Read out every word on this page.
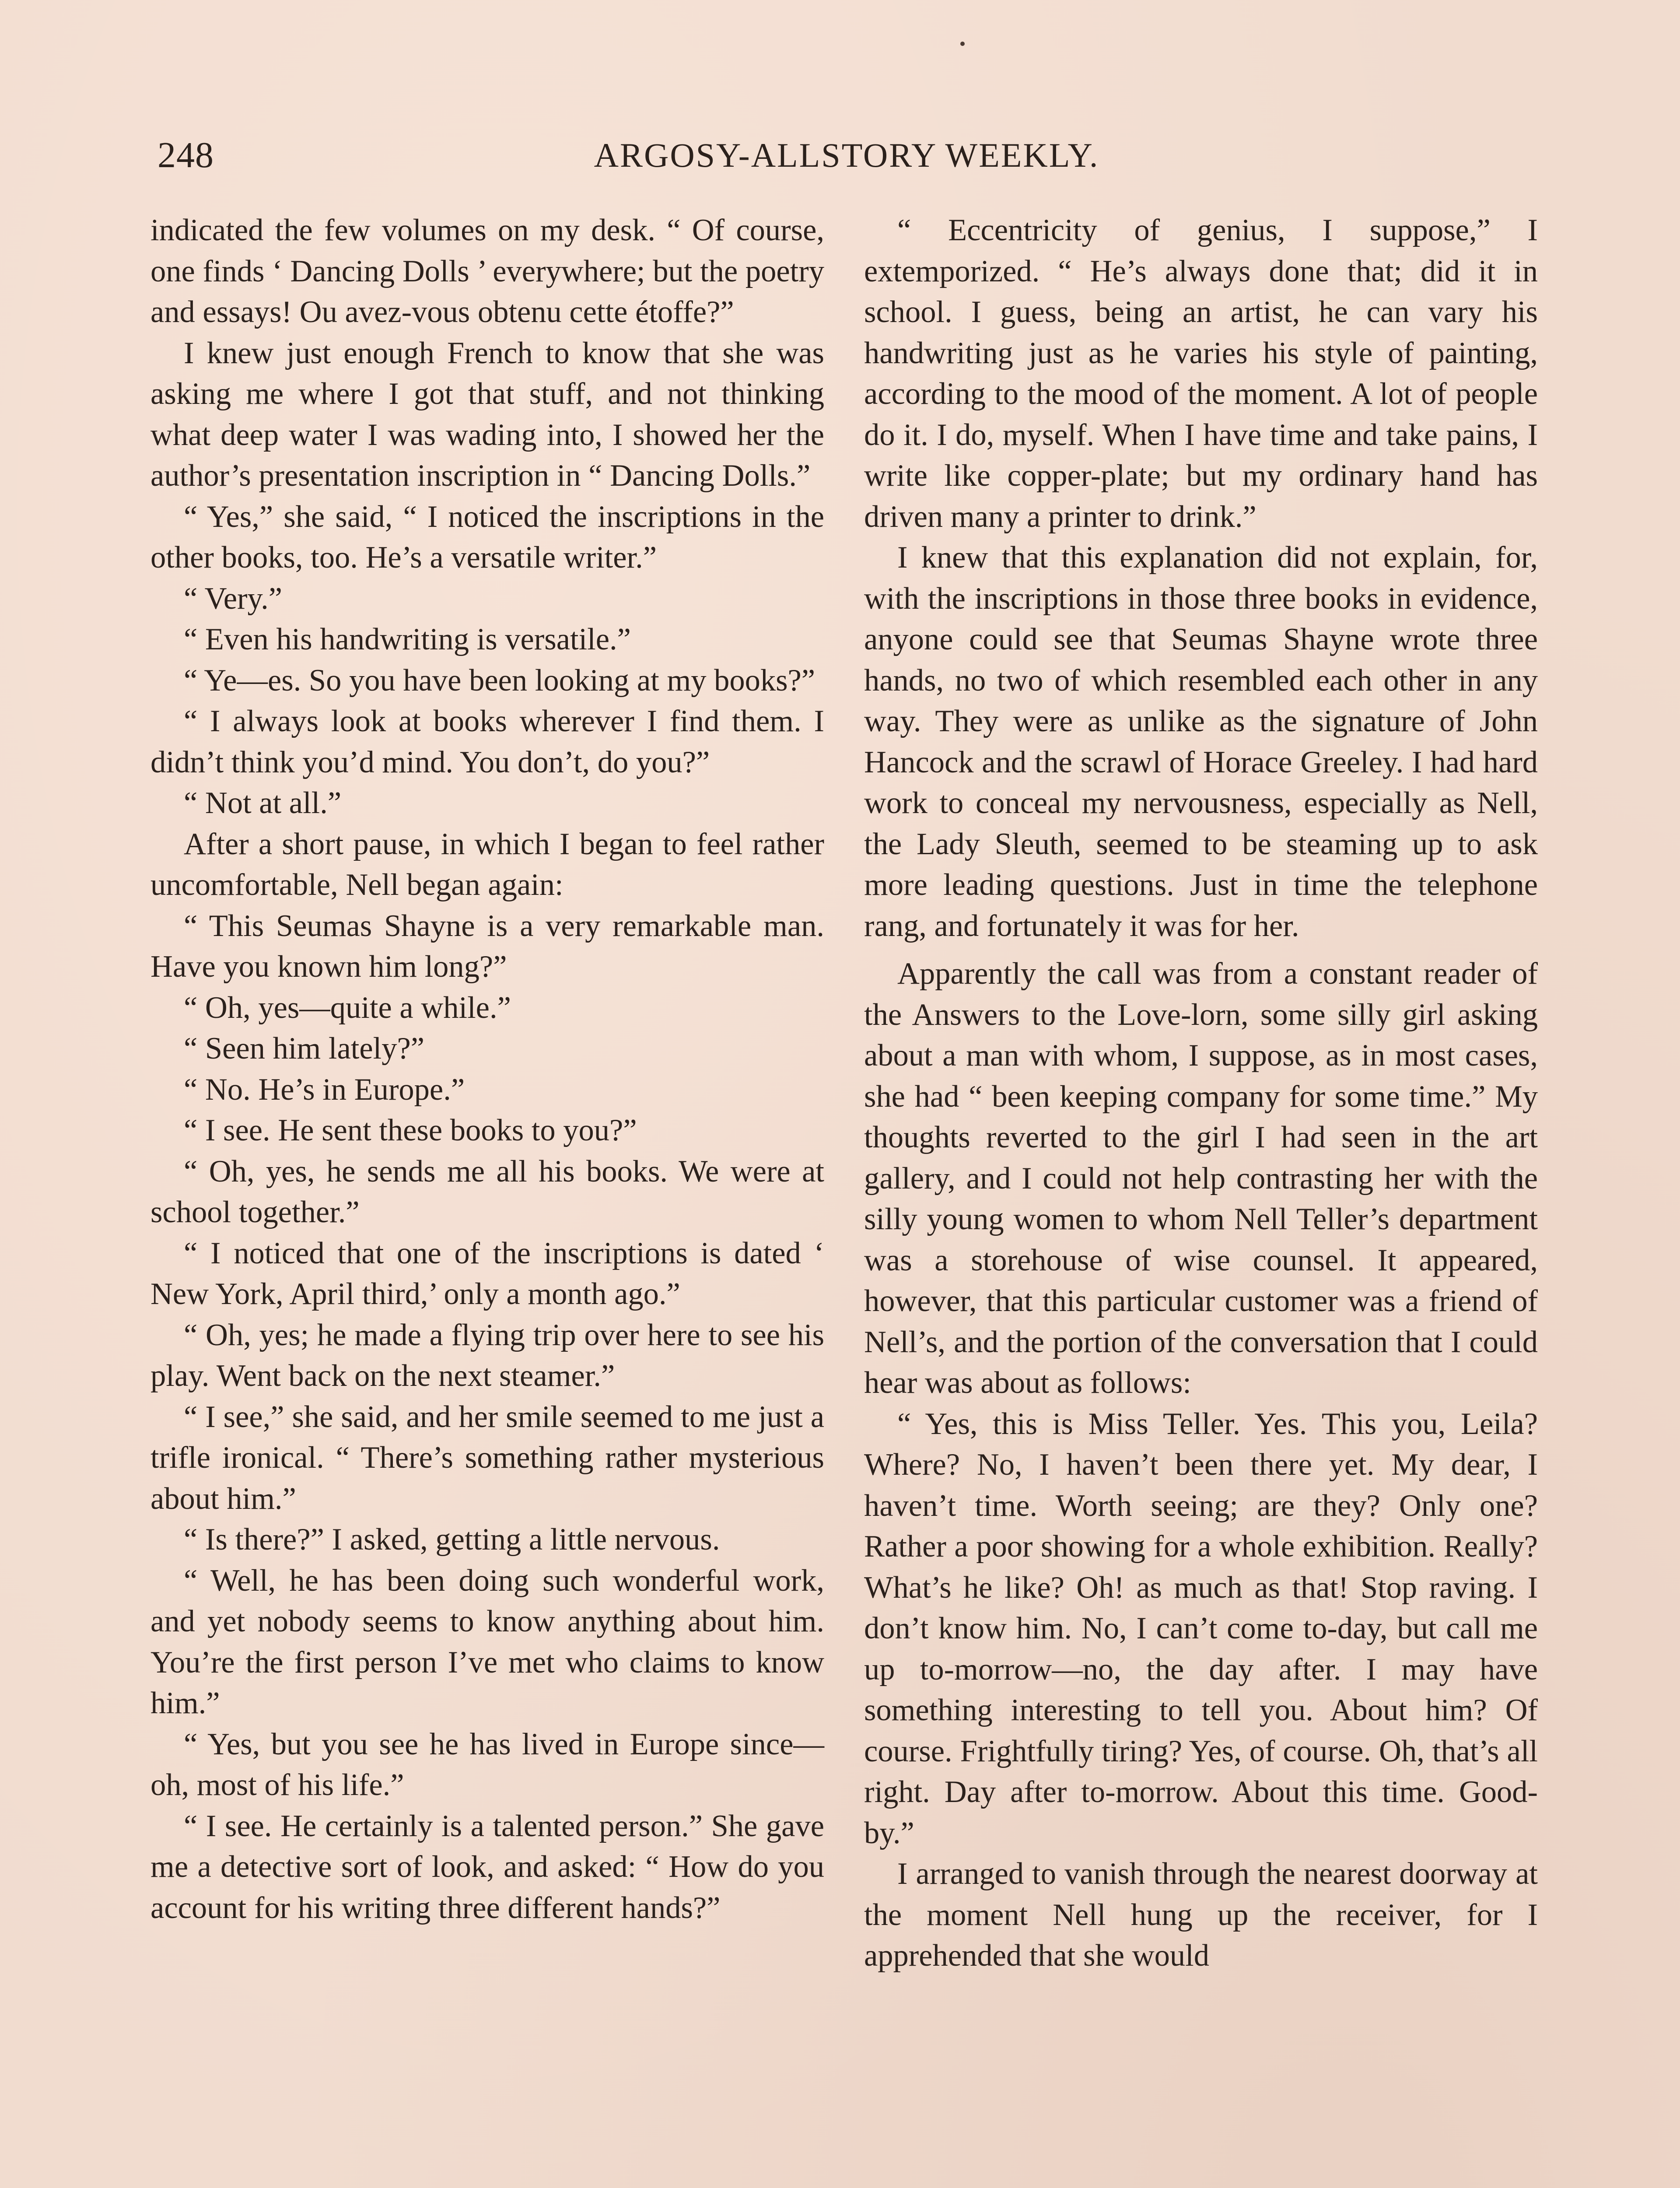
248	ARGOSY-ALLSTORY WEEKLY.

indicated the few volumes on my desk. “ Of course, one finds ‘ Dancing Dolls ’ everywhere; but the poetry and essays! Ou avez-vous obtenu cette étoffe?”

I knew just enough French to know that she was asking me where I got that stuff, and not thinking what deep water I was wading into, I showed her the author’s presentation inscription in “ Dancing Dolls.”

“ Yes,” she said, “ I noticed the inscriptions in the other books, too. He’s a versatile writer.”

“ Very.”

“ Even his handwriting is versatile.”

“ Ye—es. So you have been looking at my books?”

“ I always look at books wherever I find them. I didn’t think you’d mind. You don’t, do you?”

“ Not at all.”

After a short pause, in which I began to feel rather uncomfortable, Nell began again:

“ This Seumas Shayne is a very remarkable man. Have you known him long?”

“ Oh, yes—quite a while.”

“ Seen him lately?”

“ No. He’s in Europe.”

“ I see. He sent these books to you?”

“ Oh, yes, he sends me all his books. We were at school together.”

“ I noticed that one of the inscriptions is dated ‘ New York, April third,’ only a month ago.”

“ Oh, yes; he made a flying trip over here to see his play. Went back on the next steamer.”

“ I see,” she said, and her smile seemed to me just a trifle ironical. “ There’s something rather mysterious about him.”

“ Is there?” I asked, getting a little nervous.

“ Well, he has been doing such wonderful work, and yet nobody seems to know anything about him. You’re the first person I’ve met who claims to know him.”

“ Yes, but you see he has lived in Europe since—oh, most of his life.”

“ I see. He certainly is a talented person.” She gave me a detective sort of look, and asked: “ How do you account for his writing three different hands?”

“ Eccentricity of genius, I suppose,” I extemporized. “ He’s always done that; did it in school. I guess, being an artist, he can vary his handwriting just as he varies his style of painting, according to the mood of the moment. A lot of people do it. I do, myself. When I have time and take pains, I write like copper-plate; but my ordinary hand has driven many a printer to drink.”

I knew that this explanation did not explain, for, with the inscriptions in those three books in evidence, anyone could see that Seumas Shayne wrote three hands, no two of which resembled each other in any way. They were as unlike as the signature of John Hancock and the scrawl of Horace Greeley. I had hard work to conceal my nervousness, especially as Nell, the Lady Sleuth, seemed to be steaming up to ask more leading questions. Just in time the telephone rang, and fortunately it was for her.

Apparently the call was from a constant reader of the Answers to the Love-lorn, some silly girl asking about a man with whom, I suppose, as in most cases, she had “ been keeping company for some time.” My thoughts reverted to the girl I had seen in the art gallery, and I could not help contrasting her with the silly young women to whom Nell Teller’s department was a storehouse of wise counsel. It appeared, however, that this particular customer was a friend of Nell’s, and the portion of the conversation that I could hear was about as follows:

“ Yes, this is Miss Teller. Yes. This you, Leila? Where? No, I haven’t been there yet. My dear, I haven’t time. Worth seeing; are they? Only one? Rather a poor showing for a whole exhibition. Really? What’s he like? Oh! as much as that! Stop raving. I don’t know him. No, I can’t come to-day, but call me up to-morrow—no, the day after. I may have something interesting to tell you. About him? Of course. Frightfully tiring? Yes, of course. Oh, that’s all right. Day after to-morrow. About this time. Good-by.”

I arranged to vanish through the nearest doorway at the moment Nell hung up the receiver, for I apprehended that she would
